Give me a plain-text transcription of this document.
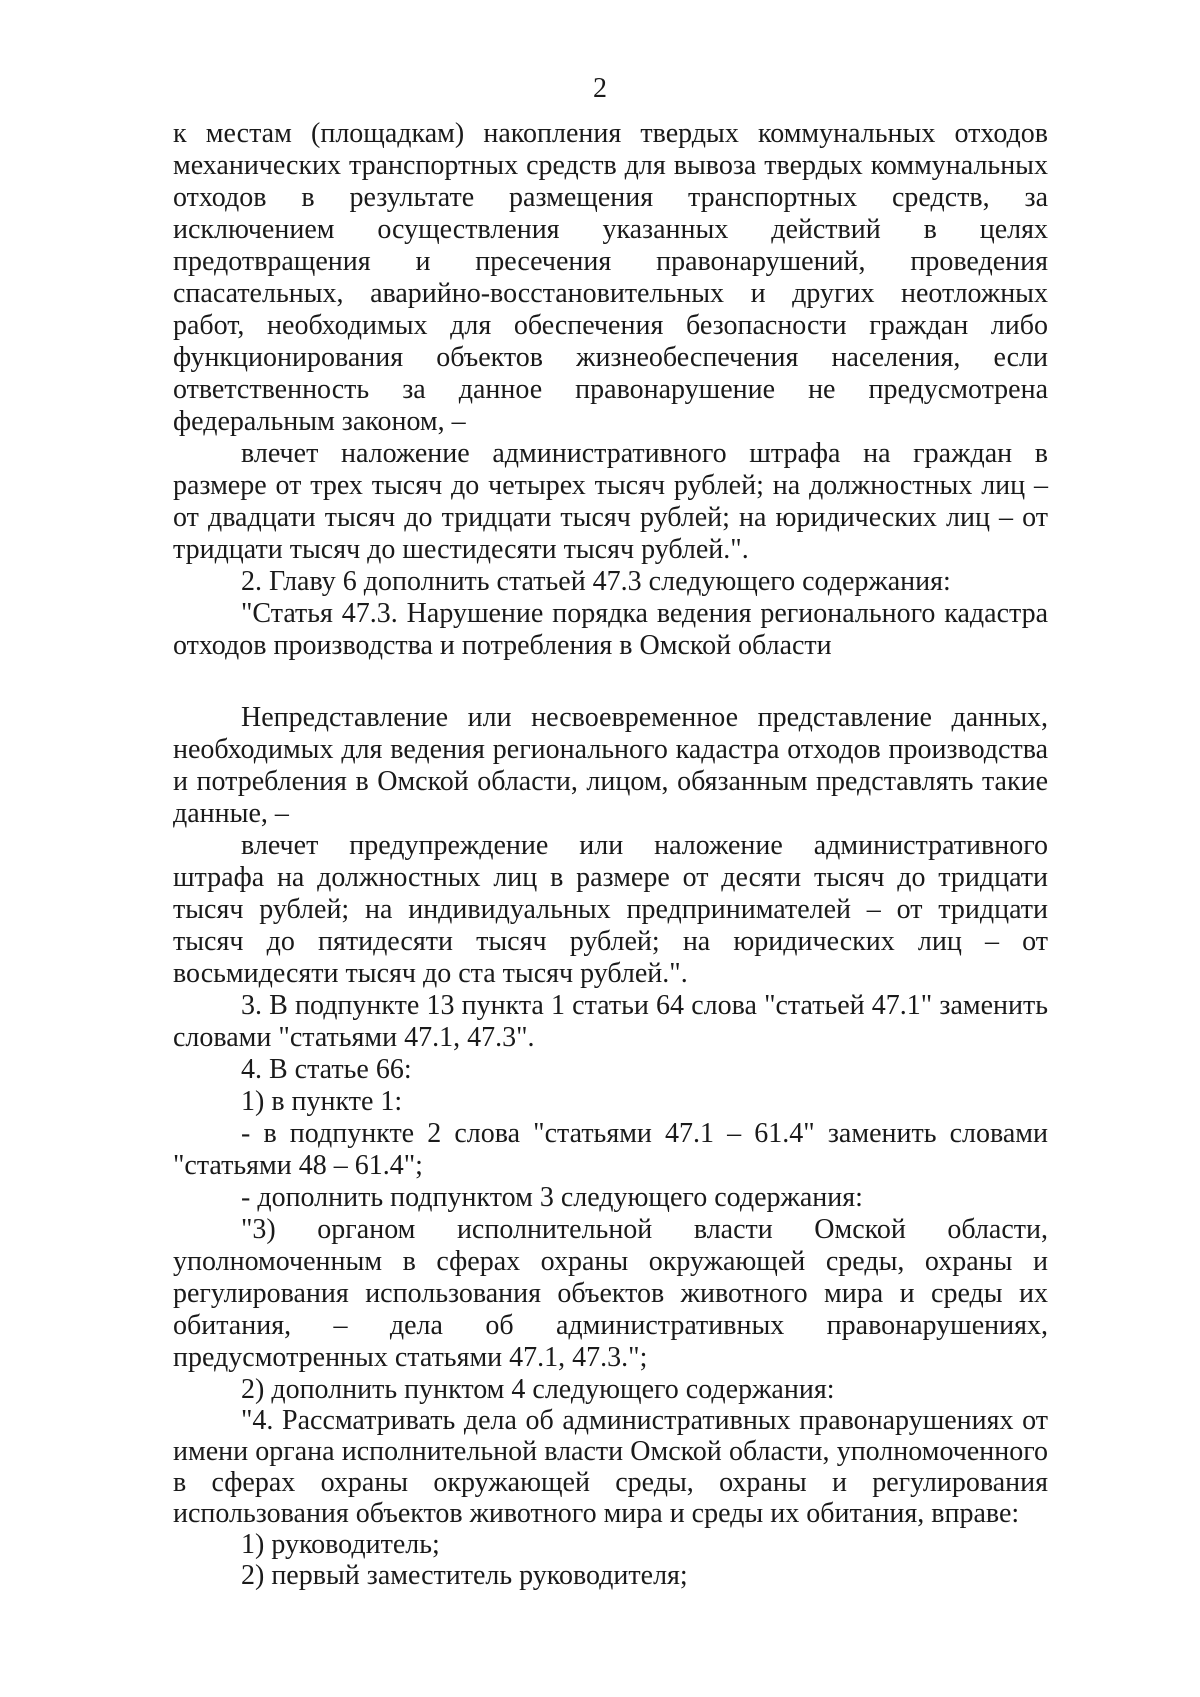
2

к местам (площадкам) накопления твердых коммунальных отходов механических транспортных средств для вывоза твердых коммунальных отходов в результате размещения транспортных средств, за исключением осуществления указанных действий в целях предотвращения и пресечения правонарушений, проведения спасательных, аварийно-восстановительных и других неотложных работ, необходимых для обеспечения безопасности граждан либо функционирования объектов жизнеобеспечения населения, если ответственность за данное правонарушение не предусмотрена федеральным законом, –

влечет наложение административного штрафа на граждан в размере от трех тысяч до четырех тысяч рублей; на должностных лиц – от двадцати тысяч до тридцати тысяч рублей; на юридических лиц – от тридцати тысяч до шестидесяти тысяч рублей.".

2. Главу 6 дополнить статьей 47.3 следующего содержания:

"Статья 47.3. Нарушение порядка ведения регионального кадастра отходов производства и потребления в Омской области

Непредставление или несвоевременное представление данных, необходимых для ведения регионального кадастра отходов производства и потребления в Омской области, лицом, обязанным представлять такие данные, –

влечет предупреждение или наложение административного штрафа на должностных лиц в размере от десяти тысяч до тридцати тысяч рублей; на индивидуальных предпринимателей – от тридцати тысяч до пятидесяти тысяч рублей; на юридических лиц – от восьмидесяти тысяч до ста тысяч рублей.".

3. В подпункте 13 пункта 1 статьи 64 слова "статьей 47.1" заменить словами "статьями 47.1, 47.3".

4. В статье 66:

1) в пункте 1:

- в подпункте 2 слова "статьями 47.1 – 61.4" заменить словами "статьями 48 – 61.4";

- дополнить подпунктом 3 следующего содержания:

"3) органом исполнительной власти Омской области, уполномоченным в сферах охраны окружающей среды, охраны и регулирования использования объектов животного мира и среды их обитания, – дела об административных правонарушениях, предусмотренных статьями 47.1, 47.3.";

2) дополнить пунктом 4 следующего содержания:

"4. Рассматривать дела об административных правонарушениях от имени органа исполнительной власти Омской области, уполномоченного в сферах охраны окружающей среды, охраны и регулирования использования объектов животного мира и среды их обитания, вправе:

1) руководитель;

2) первый заместитель руководителя;
